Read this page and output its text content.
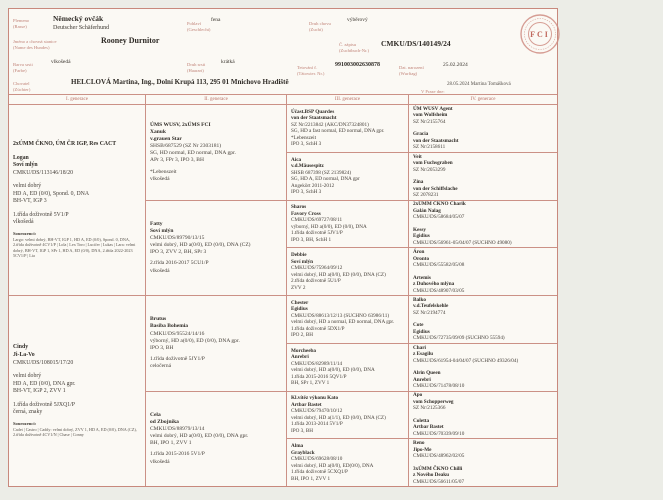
Plemeno
(Rasse)
Německý ovčák
Deutscher Schäferhund
Pohlaví
(Geschlecht)
fena
Druh chovu
(Zucht)
výběrový
Jméno a chovná stanice
(Name des Hundes)
Rooney Durnitor	Č. zápisu
(Zuchtbuch-Nr.)
CMKU/DS/140149/24
Barva srsti
(Farbe)
vlkošedá	Druh srsti
(Haarart)
krátká
Tetování č.
(Tätowier. Nr.)
991003002630878	Dat. narození
(Wurftag)
25.02.2024
Chovatel
(Züchter)
HELCLOVÁ Martina, Ing., Dolní Krupá 113, 295 01 Mnichovo Hradiště	28.05.2024 Martina Tomášková
V Praze dne:
FCI
I. generace
2xÚMM ČKNO, ÚM ČR IGP, Res CACT
Logan
Soví mlýn
CMKU/DS/113146/18/20
velmi dobrý
HD A, ED (0/0), Spond. 0, DNA
BH-VT, IGP 3
1.třída doživotně 5V1/P
vlkošedá
Sourozenci:
Largo: velmi dobrý, BH-VT, IGP 1, HD A, ED (0/0), Spond. 0, DNA, 2.třída doživotně 4CV1/P | Lola | Lex Toro | Lucifer | Lukas | Lara: velmi dobrý, BH-VT, IGP 1, SPr 1, HD A, ED (0/0), DNA, 2.třída 2022-2023 5CV1/P | Lia
Cindy
Ji-La-Vo
CMKU/DS/108015/17/20
velmi dobrý
HD A, ED (0/0), DNA gpr.
BH-VT, IGP 2, ZVV 1
1.třída doživotně 5JXQ1/P
černá, znaky
Sourozenci:
Cadet | Castro | Caddy: velmi dobrý, ZVV 1, HD A, ED (0/0), DNA (CZ), 2.třída doživotně 4CV1/N | Chase | Conny
II. generace
ÚMS WUSV, 2xÚMS FCI
Xanuk
v.grauen Star
SHSB/687529 (SZ Nr 2303181)
SG, HD normal, ED normal, DNA gpr.
APr 3, FPr 3, IPO 3, BH
*Lebenszeit
vlkošedá
Fatty
Soví mlýn
CMKU/DS/89790/13/15
velmi dobrý, HD a(0/0), ED (0/0), DNA (CZ)
IPO 3, ZVV 2, BH, SPr 3
2.třída 2016-2017 5CU1/P
vlkošedá
Brutus
Basiba Bohemia
CMKU/DS/95524/14/16
výborný, HD a(0/0), ED (0/0), DNA gpr.
IPO 3, BH
1.třída doživotně 5JY1/P
celočerná
Cela
od Zbojníka
CMKU/DS/88979/13/14
velmi dobrý, HD a(0/0), ED (0/0), DNA gpr.
BH, IPO 1, ZVV 1
1.třída 2015-2016 5V1/P
vlkošedá
III. generace
Účast.BSP Quardes
von der Staatsmacht
SZ Nr/2213842 (AKC/DN37324801)
SG, HD a fast normal, ED normal, DNA gpr.
*Lebenszeit
IPO 3, SchH 3
Aica
v.d.Mäusespitz
SHSB 687398 (SZ 2139824)
SG, HD A, ED normal, DNA gpr
Angekört 2011-2012
IPO 3, SchH 3
Sharos
Favory Cross
CMKU/DS/69727/08/11
výborný, HD a(0/0), ED (0/0), DNA
1.třída doživotně 5JV1/P
IPO 3, BH, SchH 1
Debbie
Soví mlýn
CMKU/DS/75964/09/12
velmi dobrý, HD a(0/0), ED (0/0), DNA (CZ)
2.třída doživotně 5U1/P
ZVV 2
Chester
Egidius
CMKU/DS/88613/12/13 (SUCHNO 63986/11)
velmi dobrý, HD a normal, ED normal, DNA gpr.
1.třída doživotně 5DX1/P
IPO 2, BH
Morcheeba
Anrebri
CMKU/DS/82989/11/14
velmi dobrý, HD a(0/0), ED (0/0), DNA
1.třída 2015-2016 5QV1/P
BH, SPr 1, ZVV 1
Kl.vítěz výkonu Kato
Artbar Bastet
CMKU/DS/79470/10/12
velmi dobrý, HD a(1/1), ED (0/0), DNA (CZ)
1.třída 2013-2014 5V1/P
IPO 3, BH
Alma
Grayblack
CMKU/DS/69628/08/10
velmi dobrý, HD a(0/0), ED(0/0), DNA
1.třída doživotně 5CXQ1/P
BH, IPO 1, ZVV 1
IV. generace
ÚM WUSV Agent
vom Wolfsheim
SZ Nr/2155764
Gracia
von der Staatsmacht
SZ Nr/2158611
Veit
vom Fuchsgraben
SZ Nr/2053299
Zina
von der Schiffslache
SZ 2078231
2xÚMM ČKNO Charik
Galán Nalag
CMKU/DS/58684/05/07
Kessy
Egidius
CMKU/DS/56961-05/04/07 (SUCHNO 49080)
Áron
Oronto
CMKU/DS/55582/05/08
Artemis
z Duhového mlýna
CMKU/DS/48907/03/05
Balko
v.d.Teufelskehle
SZ Nr/2194774
Cote
Egidius
CMKU/DS/72735/09/09 (SUCHNO 55594)
Chari
z Esagilu
CMKU/DS/61954-04/04/07 (SUCHNO 49326/04)
Alrin Queen
Anrebri
CMKU/DS/71478/08/10
Apo
vom Schopperweg
SZ Nr/2125366
Coletta
Artbar Bastet
CMKU/DS/70339/09/10
Reno
Jipo-Me
CMKU/DS/48962/02/05
3xÚMM ČKNO Chilli
z Nového Deaku
CMKU/DS/56611/05/07
